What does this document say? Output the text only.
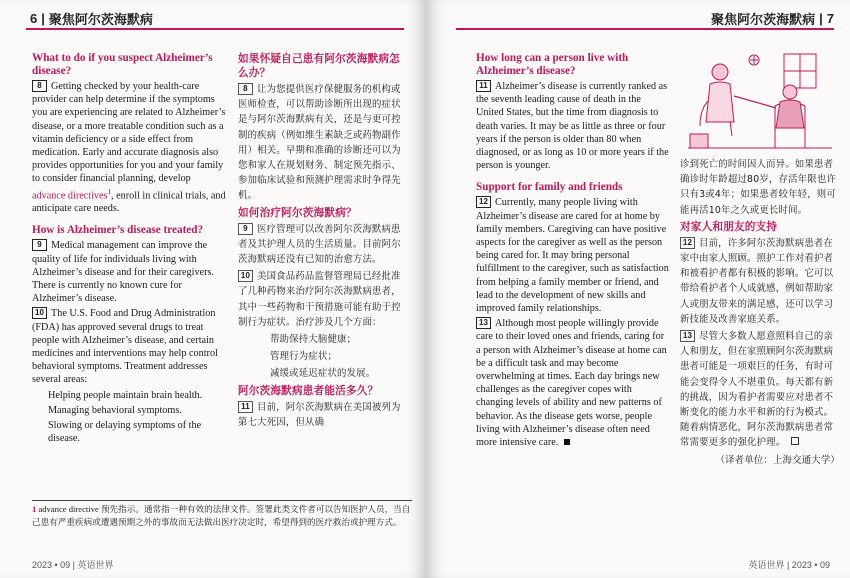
6 | 聚焦阿尔茨海默病

What to do if you suspect Alzheimer’s disease?

8 Getting checked by your health-care provider can help determine if the symptoms you are experiencing are related to Alzheimer’s disease, or a more treatable condition such as a vitamin deficiency or a side effect from medication. Early and accurate diagnosis also provides opportunities for you and your family to consider financial planning, develop advance directives$^1$, enroll in clinical trials, and anticipate care needs.

How is Alzheimer’s disease treated?

9 Medical management can improve the quality of life for individuals living with Alzheimer’s disease and for their caregivers. There is currently no known cure for Alzheimer’s disease.

10 The U.S. Food and Drug Administration (FDA) has approved several drugs to treat people with Alzheimer’s disease, and certain medicines and interventions may help control behavioral symptoms. Treatment addresses several areas:

Helping people maintain brain health.

Managing behavioral symptoms.

Slowing or delaying symptoms of the disease.

如果怀疑自己患有阿尔茨海默病怎么办？

8 让为您提供医疗保健服务的机构或医师检查，可以帮助诊断所出现的症状是与阿尔茨海默病有关，还是与更可控制的疾病（例如维生素缺乏或药物副作用）相关。早期和准确的诊断还可以为您和家人在规划财务、制定预先指示、参加临床试验和预测护理需求时争得先机。

如何治疗阿尔茨海默病？

9 医疗管理可以改善阿尔茨海默病患者及其护理人员的生活质量。目前阿尔茨海默病还没有已知的治愈方法。

10 美国食品药品监督管理局已经批准了几种药物来治疗阿尔茨海默病患者，其中一些药物和干预措施可能有助于控制行为症状。治疗涉及几个方面：

帮助保持大脑健康；

管理行为症状；

减缓或延迟症状的发展。

阿尔茨海默病患者能活多久？

11 目前，阿尔茨海默病在美国被列为第七大死因，但从确

1 advance directive 预先指示。通常指一种有效的法律文件。签署此类文件者可以告知医护人员，当自己患有严重疾病或遭遇预期之外的事故而无法做出医疗决定时，希望得到的医疗救治或护理方式。
2023 • 09 | 英语世界
聚焦阿尔茨海默病 | 7

How long can a person live with Alzheimer’s disease?

11 Alzheimer’s disease is currently ranked as the seventh leading cause of death in the United States, but the time from diagnosis to death varies. It may be as little as three or four years if the person is older than 80 when diagnosed, or as long as 10 or more years if the person is younger.

Support for family and friends

12 Currently, many people living with Alzheimer’s disease are cared for at home by family members. Caregiving can have positive aspects for the caregiver as well as the person being cared for. It may bring personal fulfillment to the caregiver, such as satisfaction from helping a family member or friend, and lead to the development of new skills and improved family relationships.

13 Although most people willingly provide care to their loved ones and friends, caring for a person with Alzheimer’s disease at home can be a difficult task and may become overwhelming at times. Each day brings new challenges as the caregiver copes with changing levels of ability and new patterns of behavior. As the disease gets worse, people living with Alzheimer’s disease often need more intensive care.

诊到死亡的时间因人而异。如果患者确诊时年龄超过80岁，存活年限也许只有3或4年；如果患者较年轻，则可能再活10年之久或更长时间。

对家人和朋友的支持

12 目前，许多阿尔茨海默病患者在家中由家人照顾。照护工作对看护者和被看护者都有积极的影响。它可以带给看护者个人成就感，例如帮助家人或朋友带来的满足感，还可以学习新技能及改善家庭关系。

13 尽管大多数人愿意照料自己的亲人和朋友，但在家照顾阿尔茨海默病患者可能是一项艰巨的任务，有时可能会变得令人不堪重负。每天都有新的挑战，因为看护者需要应对患者不断变化的能力水平和新的行为模式。随着病情恶化，阿尔茨海默病患者常常需要更多的强化护理。

（译者单位：上海交通大学）

英语世界 | 2023 • 09
